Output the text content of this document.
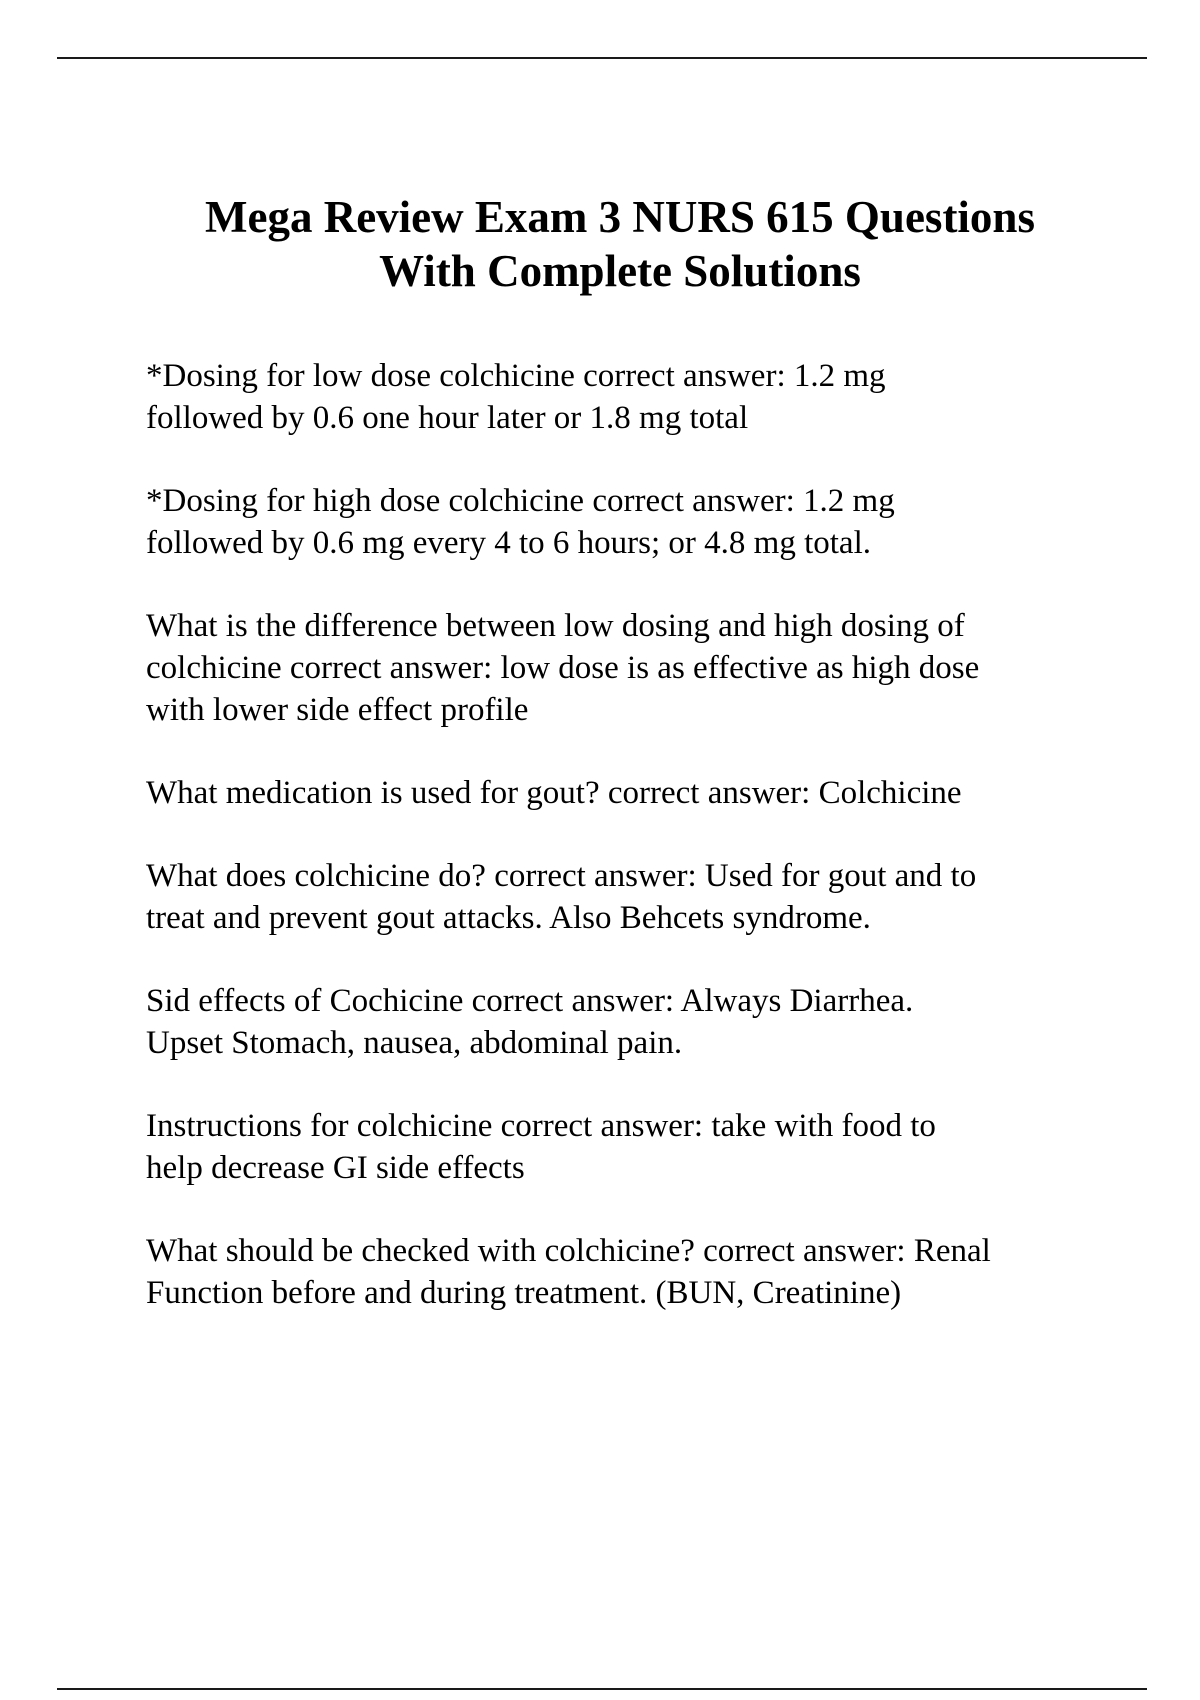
Mega Review Exam 3 NURS 615 Questions
With Complete Solutions
*Dosing for low dose colchicine correct answer: 1.2 mg
followed by 0.6 one hour later or 1.8 mg total
*Dosing for high dose colchicine correct answer: 1.2 mg
followed by 0.6 mg every 4 to 6 hours; or 4.8 mg total.
What is the difference between low dosing and high dosing of
colchicine correct answer: low dose is as effective as high dose
with lower side effect profile
What medication is used for gout? correct answer: Colchicine
What does colchicine do? correct answer: Used for gout and to
treat and prevent gout attacks. Also Behcets syndrome.
Sid effects of Cochicine correct answer: Always Diarrhea.
Upset Stomach, nausea, abdominal pain.
Instructions for colchicine correct answer: take with food to
help decrease GI side effects
What should be checked with colchicine? correct answer: Renal
Function before and during treatment. (BUN, Creatinine)
